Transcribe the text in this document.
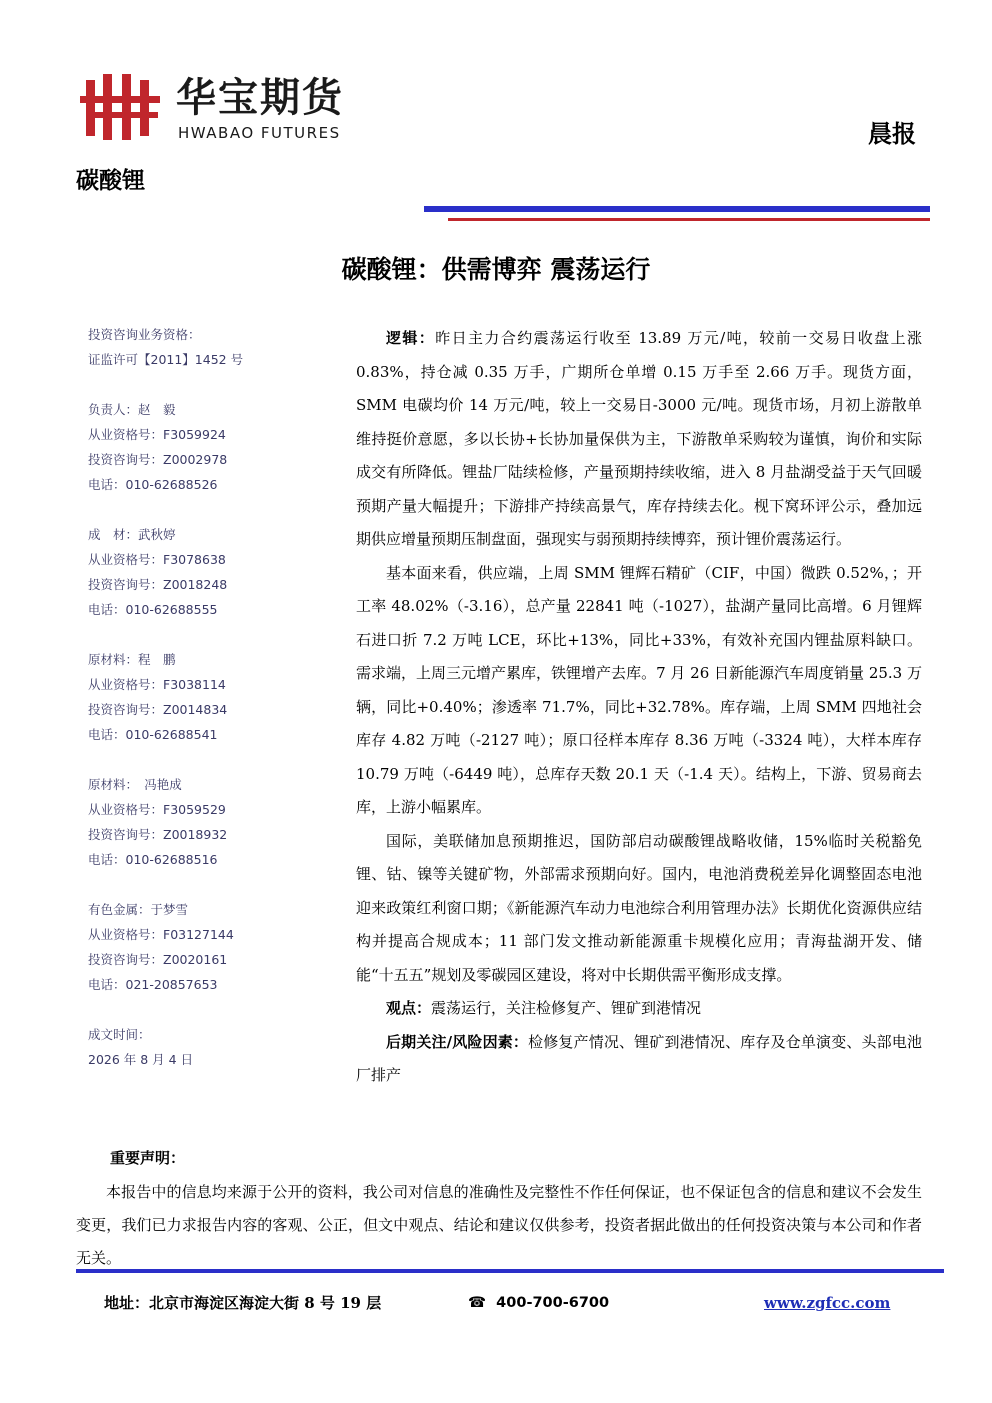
华宝期货
HWABAO FUTURES	晨报
碳酸锂
碳酸锂：供需博弈 震荡运行
投资咨询业务资格：
证监许可【2011】1452 号
负责人：赵　毅
从业资格号：F3059924
投资咨询号：Z0002978
电话：010-62688526
成　材：武秋婷
从业资格号：F3078638
投资咨询号：Z0018248
电话：010-62688555
原材料：程　鹏
从业资格号：F3038114
投资咨询号：Z0014834
电话：010-62688541
原材料：　冯艳成
从业资格号：F3059529
投资咨询号：Z0018932
电话：010-62688516
有色金属：于梦雪
从业资格号：F03127144
投资咨询号：Z0020161
电话：021-20857653
成文时间：
2026 年 8 月 4 日

逻辑：昨日主力合约震荡运行收至 13.89 万元/吨，较前一交易日收盘上涨 0.83%，持仓减 0.35 万手，广期所仓单增 0.15 万手至 2.66 万手。现货方面，SMM 电碳均价 14 万元/吨，较上一交易日-3000 元/吨。现货市场，月初上游散单维持挺价意愿，多以长协+长协加量保供为主，下游散单采购较为谨慎，询价和实际成交有所降低。锂盐厂陆续检修，产量预期持续收缩，进入 8 月盐湖受益于天气回暖预期产量大幅提升；下游排产持续高景气，库存持续去化。枧下窝环评公示，叠加远期供应增量预期压制盘面，强现实与弱预期持续博弈，预计锂价震荡运行。

基本面来看，供应端，上周 SMM 锂辉石精矿（CIF，中国）微跌 0.52%，；开工率 48.02%（-3.16），总产量 22841 吨（-1027），盐湖产量同比高增。6 月锂辉石进口折 7.2 万吨 LCE，环比+13%，同比+33%，有效补充国内锂盐原料缺口。需求端，上周三元增产累库，铁锂增产去库。7 月 26 日新能源汽车周度销量 25.3 万辆，同比+0.40%；渗透率 71.7%，同比+32.78%。库存端，上周 SMM 四地社会库存 4.82 万吨（-2127 吨）；原口径样本库存 8.36 万吨（-3324 吨），大样本库存 10.79 万吨（-6449 吨），总库存天数 20.1 天（-1.4 天）。结构上，下游、贸易商去库，上游小幅累库。

国际，美联储加息预期推迟，国防部启动碳酸锂战略收储，15%临时关税豁免锂、钴、镍等关键矿物，外部需求预期向好。国内，电池消费税差异化调整固态电池迎来政策红利窗口期；《新能源汽车动力电池综合利用管理办法》长期优化资源供应结构并提高合规成本；11 部门发文推动新能源重卡规模化应用；青海盐湖开发、储能“十五五”规划及零碳园区建设，将对中长期供需平衡形成支撑。

观点：震荡运行，关注检修复产、锂矿到港情况

后期关注/风险因素：检修复产情况、锂矿到港情况、库存及仓单演变、头部电池厂排产

重要声明：

本报告中的信息均来源于公开的资料，我公司对信息的准确性及完整性不作任何保证，也不保证包含的信息和建议不会发生变更，我们已力求报告内容的客观、公正，但文中观点、结论和建议仅供参考，投资者据此做出的任何投资决策与本公司和作者无关。

地址：北京市海淀区海淀大街 8 号 19 层	☎ 400-700-6700	www.zgfcc.com
